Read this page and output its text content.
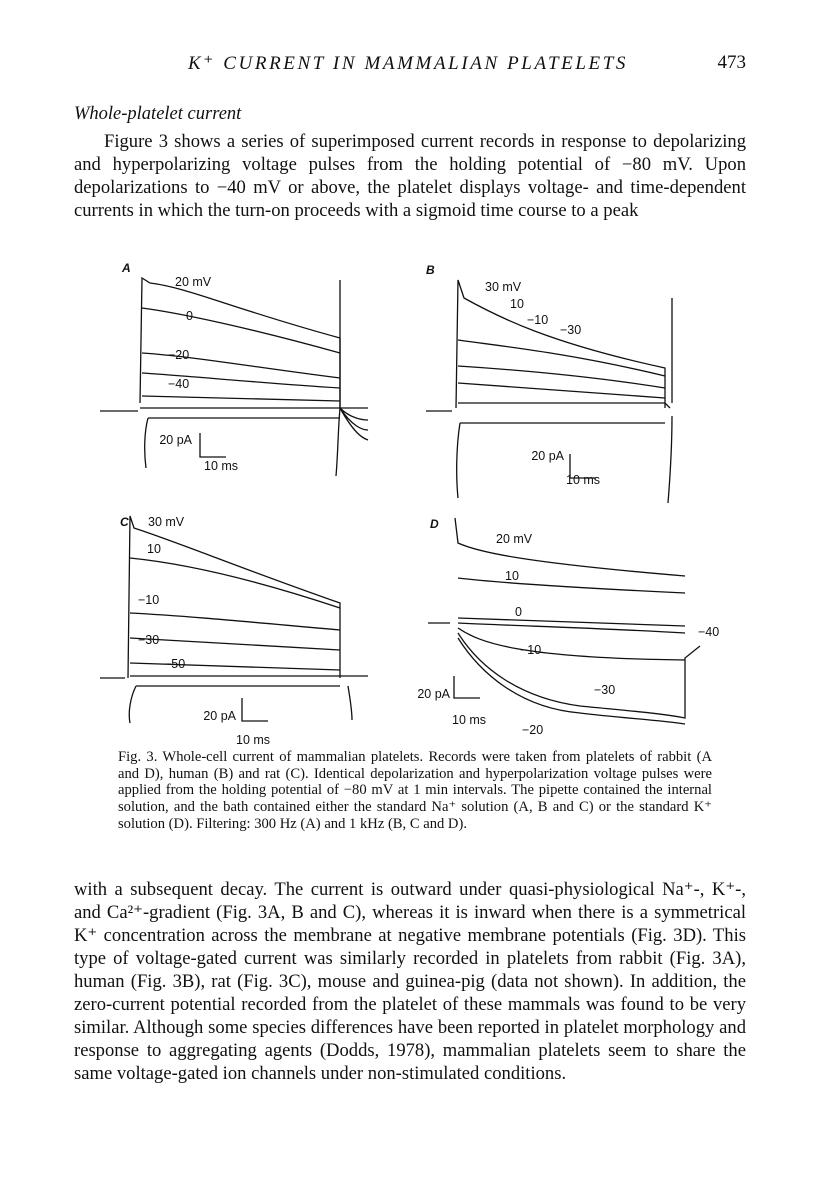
K⁺ CURRENT IN MAMMALIAN PLATELETS	473
Whole-platelet current

Figure 3 shows a series of superimposed current records in response to depolarizing and hyperpolarizing voltage pulses from the holding potential of −80 mV. Upon depolarizations to −40 mV or above, the platelet displays voltage- and time-dependent currents in which the turn-on proceeds with a sigmoid time course to a peak

A	B
C	D
20 mV
0
−20
−40
20 pA
10 ms
30 mV
10
−10
−30
20 pA
10 ms
30 mV
10
−10
−30
−50
20 pA
10 ms
20 mV
10
0
−40
−10
−30
−20
20 pA
10 ms

Fig. 3. Whole-cell current of mammalian platelets. Records were taken from platelets of rabbit (A and D), human (B) and rat (C). Identical depolarization and hyperpolarization voltage pulses were applied from the holding potential of −80 mV at 1 min intervals. The pipette contained the internal solution, and the bath contained either the standard Na⁺ solution (A, B and C) or the standard K⁺ solution (D). Filtering: 300 Hz (A) and 1 kHz (B, C and D).

with a subsequent decay. The current is outward under quasi-physiological Na⁺-, K⁺-, and Ca²⁺-gradient (Fig. 3A, B and C), whereas it is inward when there is a symmetrical K⁺ concentration across the membrane at negative membrane potentials (Fig. 3D). This type of voltage-gated current was similarly recorded in platelets from rabbit (Fig. 3A), human (Fig. 3B), rat (Fig. 3C), mouse and guinea-pig (data not shown). In addition, the zero-current potential recorded from the platelet of these mammals was found to be very similar. Although some species differences have been reported in platelet morphology and response to aggregating agents (Dodds, 1978), mammalian platelets seem to share the same voltage-gated ion channels under non-stimulated conditions.
